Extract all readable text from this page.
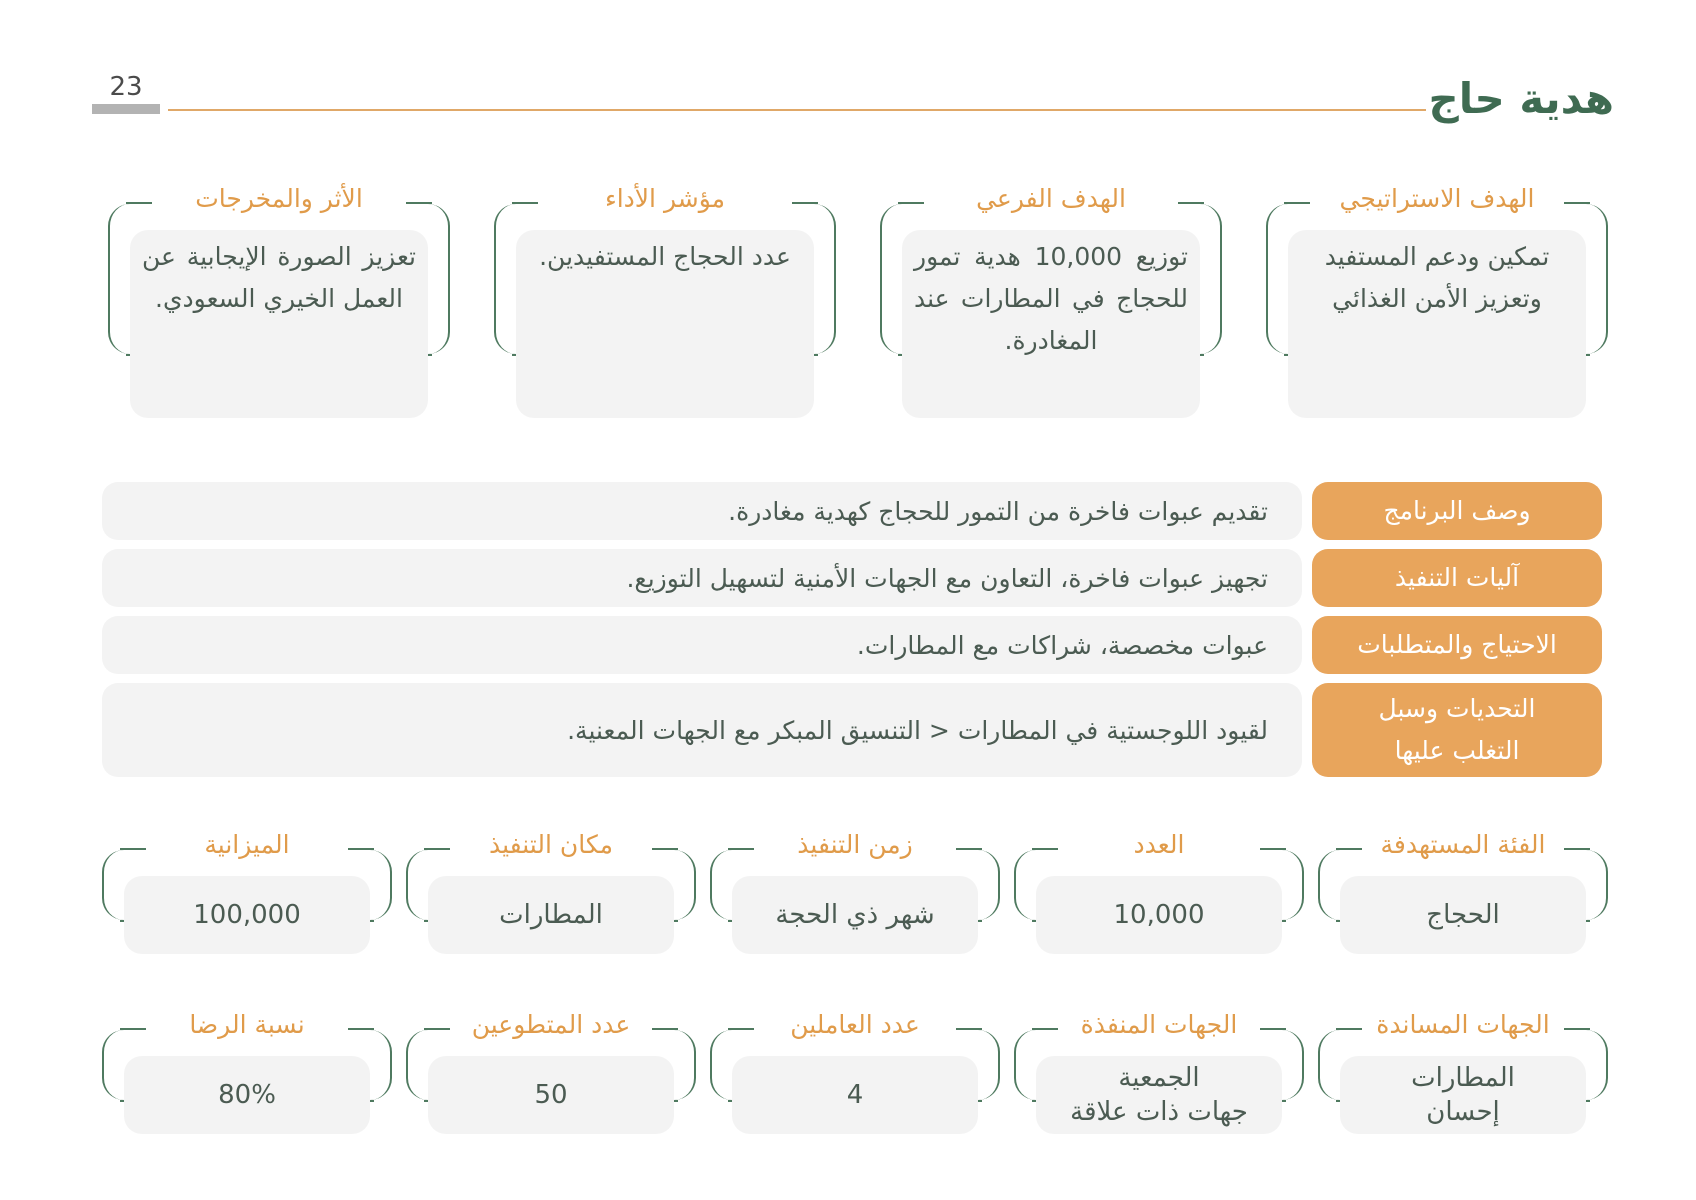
23	هدية حاج
الهدف الاستراتيجي
تمكين ودعم المستفيد وتعزيز الأمن الغذائي
الهدف الفرعي
توزيع 10,000 هدية تمور للحجاج في المطارات عند المغادرة.
مؤشر الأداء
عدد الحجاج المستفيدين.
الأثر والمخرجات
تعزيز الصورة الإيجابية عن العمل الخيري السعودي.
وصف البرنامج
تقديم عبوات فاخرة من التمور للحجاج كهدية مغادرة.
آليات التنفيذ
تجهيز عبوات فاخرة، التعاون مع الجهات الأمنية لتسهيل التوزيع.
الاحتياج والمتطلبات
عبوات مخصصة، شراكات مع المطارات.
التحديات وسبل التغلب عليها
لقيود اللوجستية في المطارات < التنسيق المبكر مع الجهات المعنية.
الفئة المستهدفة
الحجاج
العدد
10,000
زمن التنفيذ
شهر ذي الحجة
مكان التنفيذ
المطارات
الميزانية
100,000
الجهات المساندة
المطارات
إحسان
الجهات المنفذة
الجمعية
جهات ذات علاقة
عدد العاملين
4
عدد المتطوعين
50
نسبة الرضا
80%
